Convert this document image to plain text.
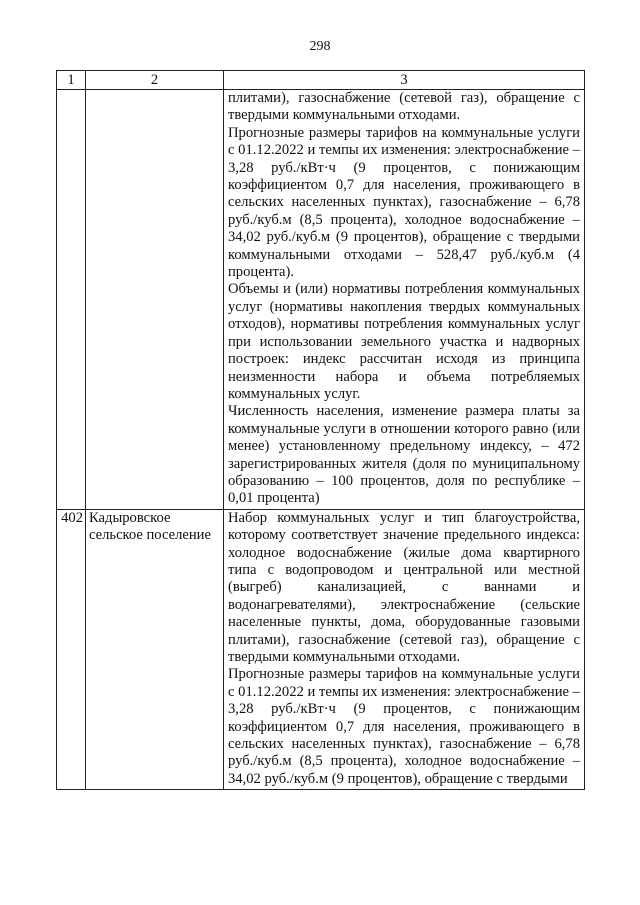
298
1	2	3

		плитами), газоснабжение (сетевой газ), обращение с твердыми коммунальными отходами.

Прогнозные размеры тарифов на коммунальные услуги с 01.12.2022 и темпы их изменения: электроснабжение – 3,28 руб./кВт·ч (9 процентов, с понижающим коэффициентом 0,7 для населения, проживающего в сельских населенных пунктах), газоснабжение – 6,78 руб./куб.м (8,5 процента), холодное водоснабжение – 34,02 руб./куб.м (9 процентов), обращение с твердыми коммунальными отходами – 528,47 руб./куб.м (4 процента).

Объемы и (или) нормативы потребления коммунальных услуг (нормативы накопления твердых коммунальных отходов), нормативы потребления коммунальных услуг при использовании земельного участка и надворных построек: индекс рассчитан исходя из принципа неизменности набора и объема потребляемых коммунальных услуг.

Численность населения, изменение размера платы за коммунальные услуги в отношении которого равно (или менее) установленному предельному индексу, – 472 зарегистрированных жителя (доля по муниципальному образованию – 100 процентов, доля по республике – 0,01 процента)

402	Кадыровское сельское поселение	Набор коммунальных услуг и тип благоустройства, которому соответствует значение предельного индекса: холодное водоснабжение (жилые дома квартирного типа с водопроводом и центральной или местной (выгреб) канализацией, с ваннами и водонагревателями), электроснабжение (сельские населенные пункты, дома, оборудованные газовыми плитами), газоснабжение (сетевой газ), обращение с твердыми коммунальными отходами.

Прогнозные размеры тарифов на коммунальные услуги с 01.12.2022 и темпы их изменения: электроснабжение – 3,28 руб./кВт·ч (9 процентов, с понижающим коэффициентом 0,7 для населения, проживающего в сельских населенных пунктах), газоснабжение – 6,78 руб./куб.м (8,5 процента), холодное водоснабжение – 34,02 руб./куб.м (9 процентов), обращение с твердыми
